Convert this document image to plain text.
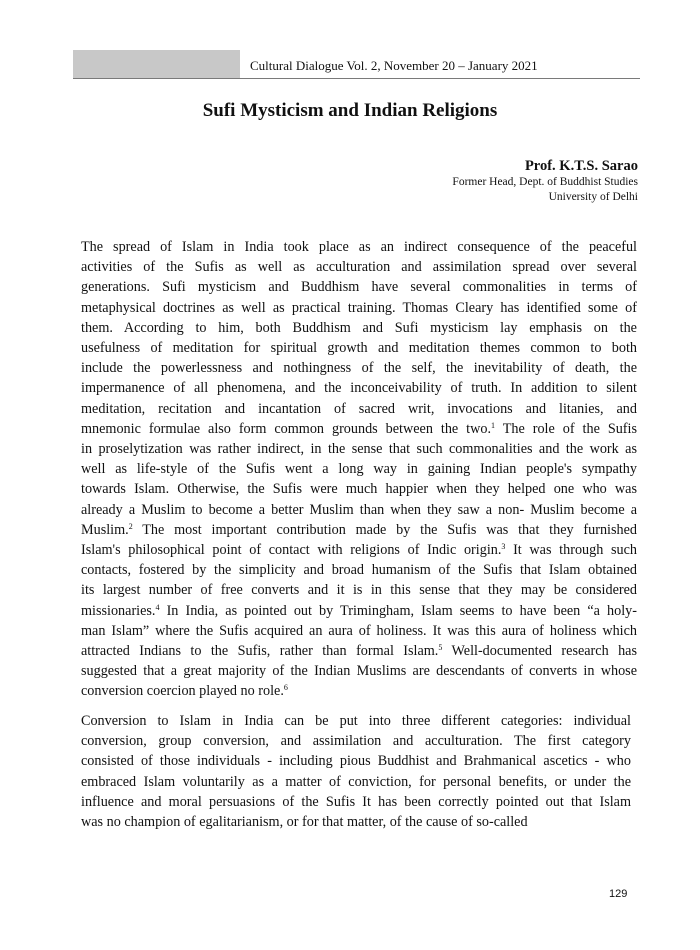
Cultural Dialogue Vol. 2, November 20 – January 2021
Sufi Mysticism and Indian Religions
Prof. K.T.S. Sarao
Former Head, Dept. of Buddhist Studies
University of Delhi
The spread of Islam in India took place as an indirect consequence of the peaceful
activities of the Sufis as well as acculturation and assimilation spread over several
generations. Sufi mysticism and Buddhism have several commonalities in terms of
metaphysical doctrines as well as practical training. Thomas Cleary has identified some of
them. According to him, both Buddhism and Sufi mysticism lay emphasis on the
usefulness of meditation for spiritual growth and meditation themes common to both
include the powerlessness and nothingness of the self, the inevitability of death, the
impermanence of all phenomena, and the inconceivability of truth. In addition to silent
meditation, recitation and incantation of sacred writ, invocations and litanies, and
mnemonic formulae also form common grounds between the two.$^1$ The role of the Sufis
in proselytization was rather indirect, in the sense that such commonalities and the work as
well as life-style of the Sufis went a long way in gaining Indian people's sympathy
towards Islam. Otherwise, the Sufis were much happier when they helped one who was
already a Muslim to become a better Muslim than when they saw a non- Muslim become a
Muslim.$^2$ The most important contribution made by the Sufis was that they furnished
Islam's philosophical point of contact with religions of Indic origin.$^3$ It was through such
contacts, fostered by the simplicity and broad humanism of the Sufis that Islam obtained
its largest number of free converts and it is in this sense that they may be considered
missionaries.$^4$ In India, as pointed out by Trimingham, Islam seems to have been “a holy-
man Islam” where the Sufis acquired an aura of holiness. It was this aura of holiness which
attracted Indians to the Sufis, rather than formal Islam.$^5$ Well-documented research has
suggested that a great majority of the Indian Muslims are descendants of converts in whose
conversion coercion played no role.$^6$
Conversion to Islam in India can be put into three different categories: individual
conversion, group conversion, and assimilation and acculturation. The first category
consisted of those individuals - including pious Buddhist and Brahmanical ascetics - who
embraced Islam voluntarily as a matter of conviction, for personal benefits, or under the
influence and moral persuasions of the Sufis It has been correctly pointed out that Islam
was no champion of egalitarianism, or for that matter, of the cause of so-called
129
